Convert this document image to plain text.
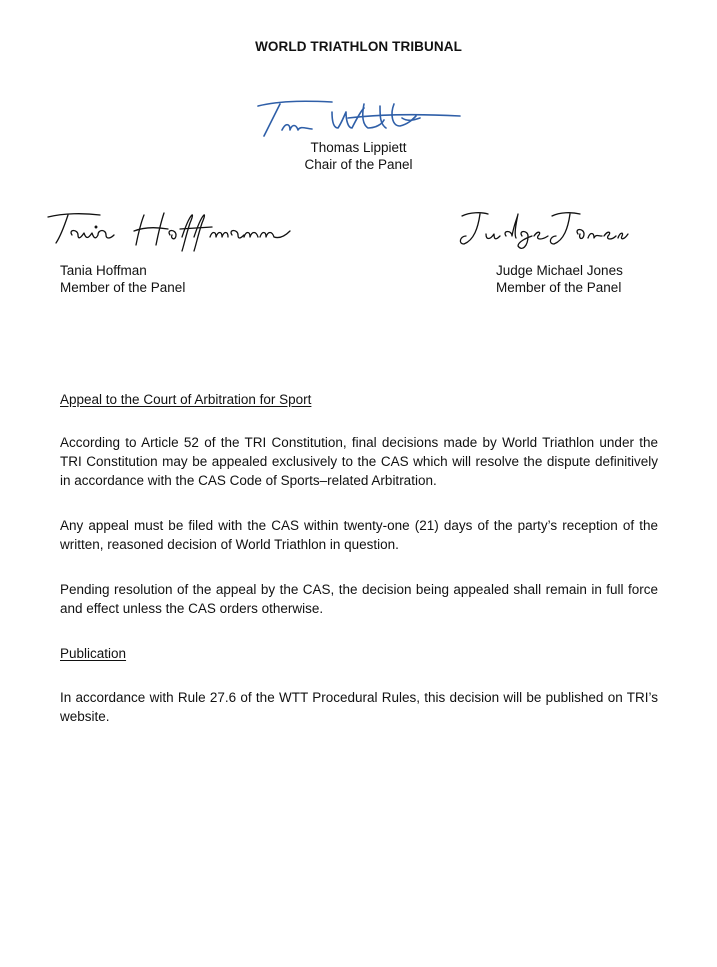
WORLD TRIATHLON TRIBUNAL
Thomas Lippiett
Chair of the Panel
Tania Hoffman
Member of the Panel
Judge Michael Jones
Member of the Panel
Appeal to the Court of Arbitration for Sport
According to Article 52 of the TRI Constitution, final decisions made by World Triathlon under the TRI Constitution may be appealed exclusively to the CAS which will resolve the dispute definitively in accordance with the CAS Code of Sports–related Arbitration.
Any appeal must be filed with the CAS within twenty-one (21) days of the party’s reception of the written, reasoned decision of World Triathlon in question.
Pending resolution of the appeal by the CAS, the decision being appealed shall remain in full force and effect unless the CAS orders otherwise.
Publication
In accordance with Rule 27.6 of the WTT Procedural Rules, this decision will be published on TRI’s website.
